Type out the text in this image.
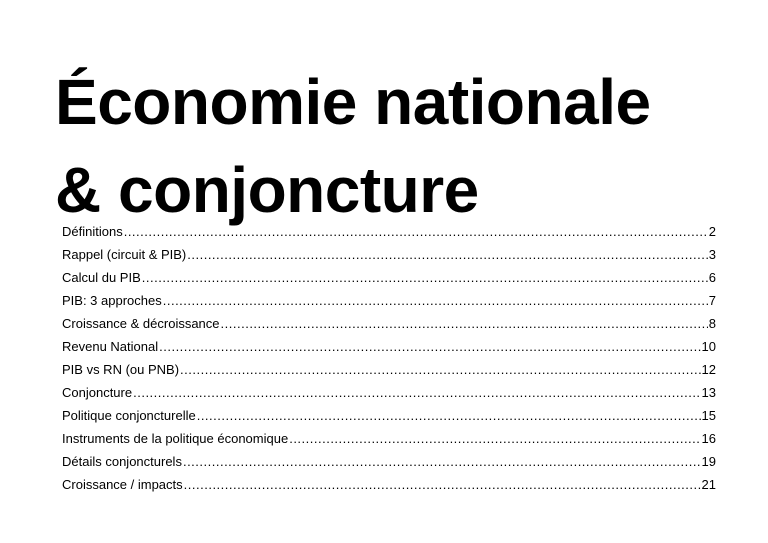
Économie nationale
& conjoncture
Définitions .....	2
Rappel (circuit & PIB) .....	3
Calcul du PIB .....	6
PIB: 3 approches .....	7
Croissance & décroissance .....	8
Revenu National .....	10
PIB vs RN (ou PNB) .....	12
Conjoncture .....	13
Politique conjoncturelle .....	15
Instruments de la politique économique .....	16
Détails conjoncturels .....	19
Croissance / impacts .....	21
